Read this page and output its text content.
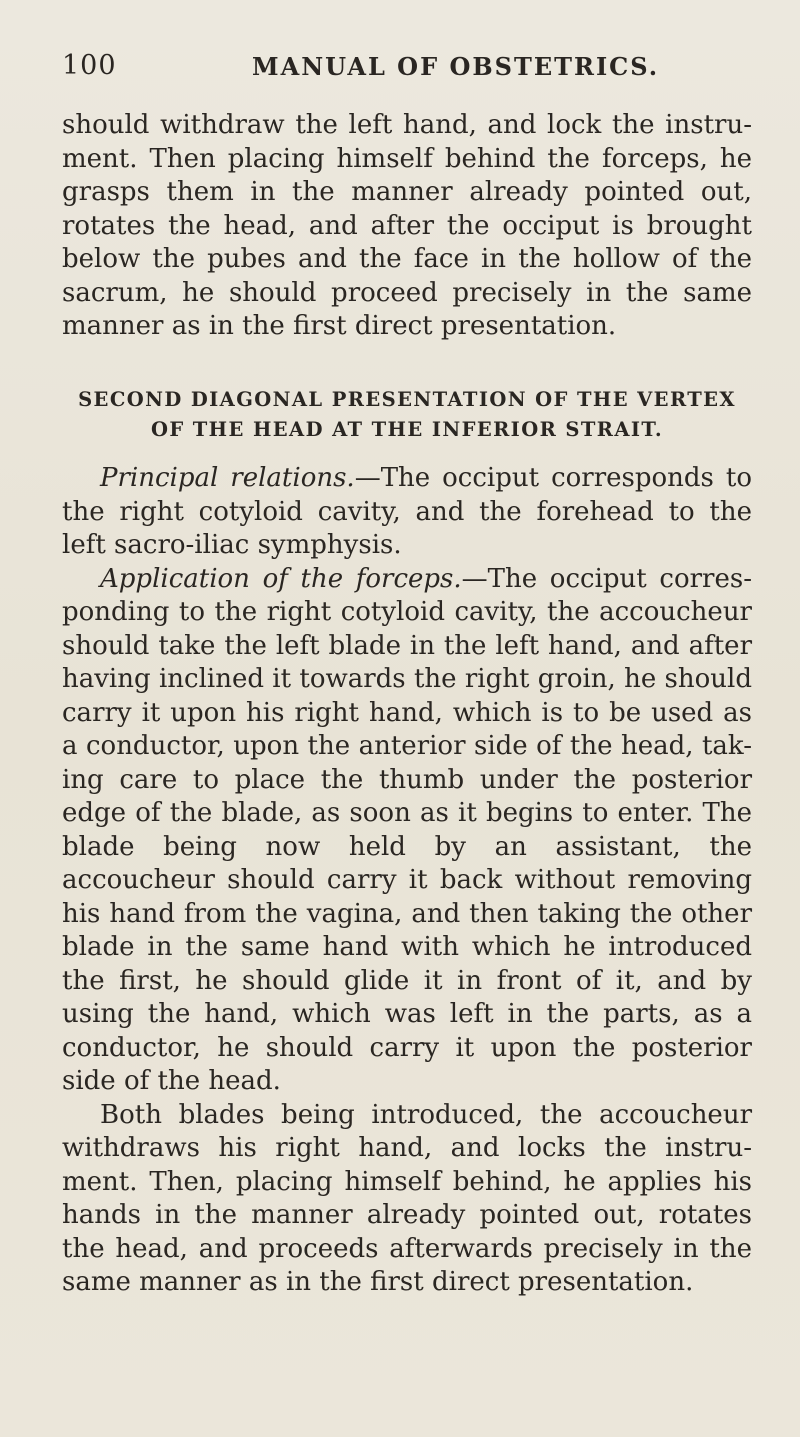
100	MANUAL OF OBSTETRICS.

should withdraw the left hand, and lock the instru-ment. Then placing himself behind the forceps, he grasps them in the manner already pointed out, rotates the head, and after the occiput is brought below the pubes and the face in the hollow of the sacrum, he should proceed precisely in the same manner as in the first direct presentation.

SECOND DIAGONAL PRESENTATION OF THE VERTEX
OF THE HEAD AT THE INFERIOR STRAIT.

Principal relations.—The occiput corresponds to the right cotyloid cavity, and the forehead to the left sacro-iliac symphysis.

Application of the forceps.—The occiput corres-ponding to the right cotyloid cavity, the accoucheur should take the left blade in the left hand, and after having inclined it towards the right groin, he should carry it upon his right hand, which is to be used as a conductor, upon the anterior side of the head, tak-ing care to place the thumb under the posterior edge of the blade, as soon as it begins to enter. The blade being now held by an assistant, the accoucheur should carry it back without removing his hand from the vagina, and then taking the other blade in the same hand with which he introduced the first, he should glide it in front of it, and by using the hand, which was left in the parts, as a conductor, he should carry it upon the posterior side of the head.

Both blades being introduced, the accoucheur withdraws his right hand, and locks the instru-ment. Then, placing himself behind, he applies his hands in the manner already pointed out, rotates the head, and proceeds afterwards precisely in the same manner as in the first direct presentation.
